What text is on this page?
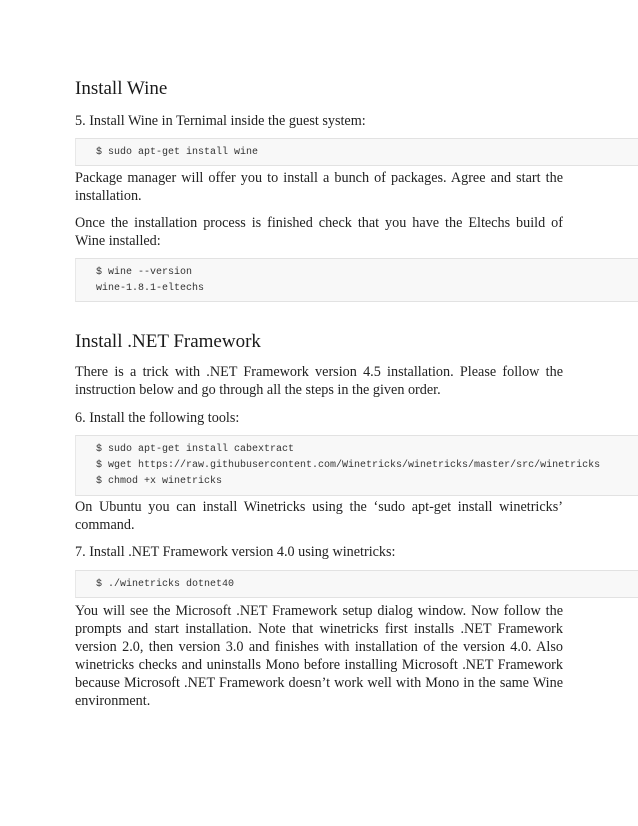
Install Wine

5. Install Wine in Ternimal inside the guest system:

$ sudo apt-get install wine

Package manager will offer you to install a bunch of packages. Agree and start the installation.

Once the installation process is finished check that you have the Eltechs build of Wine installed:

$ wine --version
wine-1.8.1-eltechs
Install .NET Framework

There is a trick with .NET Framework version 4.5 installation. Please follow the instruction below and go through all the steps in the given order.

6. Install the following tools:

$ sudo apt-get install cabextract
$ wget https://raw.githubusercontent.com/Winetricks/winetricks/master/src/winetricks
$ chmod +x winetricks

On Ubuntu you can install Winetricks using the ‘sudo apt-get install winetricks’ command.

7. Install .NET Framework version 4.0 using winetricks:

$ ./winetricks dotnet40

You will see the Microsoft .NET Framework setup dialog window. Now follow the prompts and start installation. Note that winetricks first installs .NET Framework version 2.0, then version 3.0 and finishes with installation of the version 4.0. Also winetricks checks and uninstalls Mono before installing Microsoft .NET Framework because Microsoft .NET Framework doesn’t work well with Mono in the same Wine environment.
